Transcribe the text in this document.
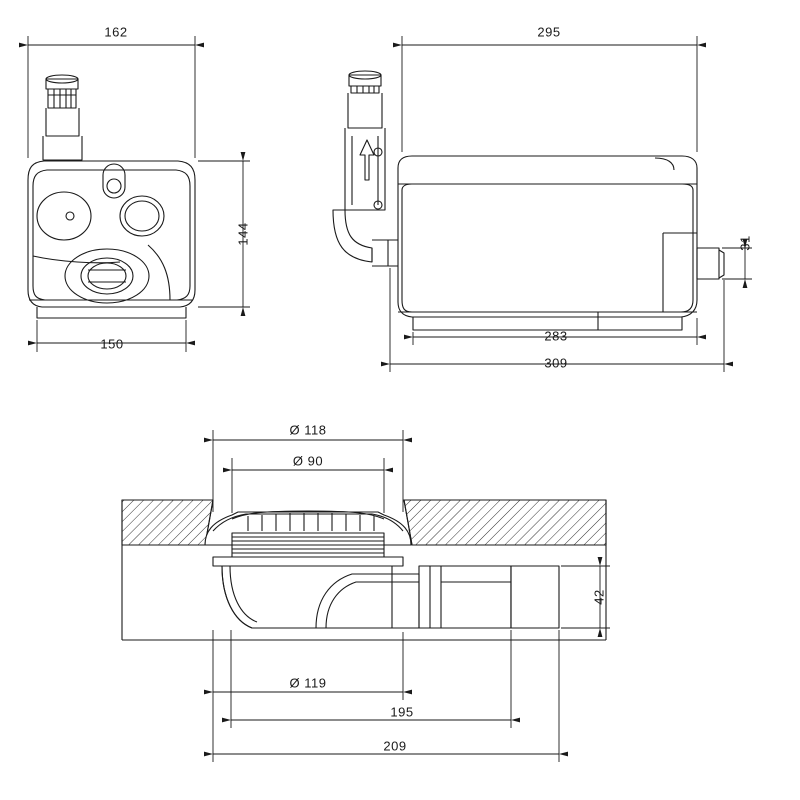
162
144
150
295
31
283
309
Ø 118
Ø 90
Ø 119
42
195
209
